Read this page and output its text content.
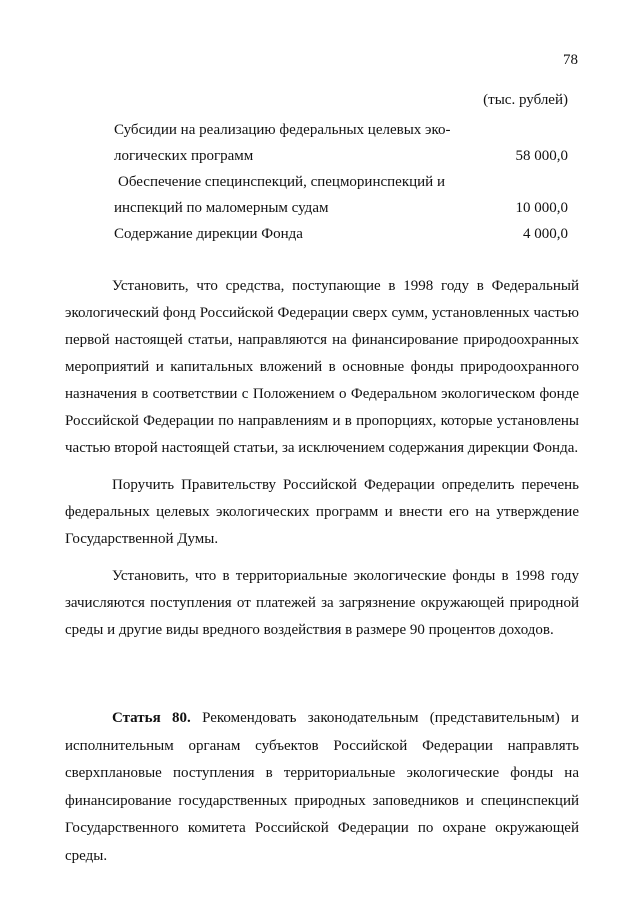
78
(тыс. рублей)
Субсидии на реализацию федеральных целевых эко-
логических программ	58 000,0
Обеспечение специнспекций, спецморинспекций и
инспекций по маломерным судам	10 000,0
Содержание дирекции Фонда	4 000,0

Установить, что средства, поступающие в 1998 году в Федеральный экологический фонд Российской Федерации сверх сумм, установленных частью первой настоящей статьи, направляются на финансирование природоохранных мероприятий и капитальных вложений в основные фонды природоохранного назначения в соответствии с Положением о Федеральном экологическом фонде Российской Федерации по направлениям и в пропорциях, которые установлены частью второй настоящей статьи, за исключением содержания дирекции Фонда.

Поручить Правительству Российской Федерации определить перечень федеральных целевых экологических программ и внести его на утверждение Государственной Думы.

Установить, что в территориальные экологические фонды в 1998 году зачисляются поступления от платежей за загрязнение окружающей природной среды и другие виды вредного воздействия в размере 90 процентов доходов.

Статья 80. Рекомендовать законодательным (представительным) и исполнительным органам субъектов Российской Федерации направлять сверхплановые поступления в территориальные экологические фонды на финансирование государственных природных заповедников и специнспекций Государственного комитета Российской Федерации по охране окружающей среды.
